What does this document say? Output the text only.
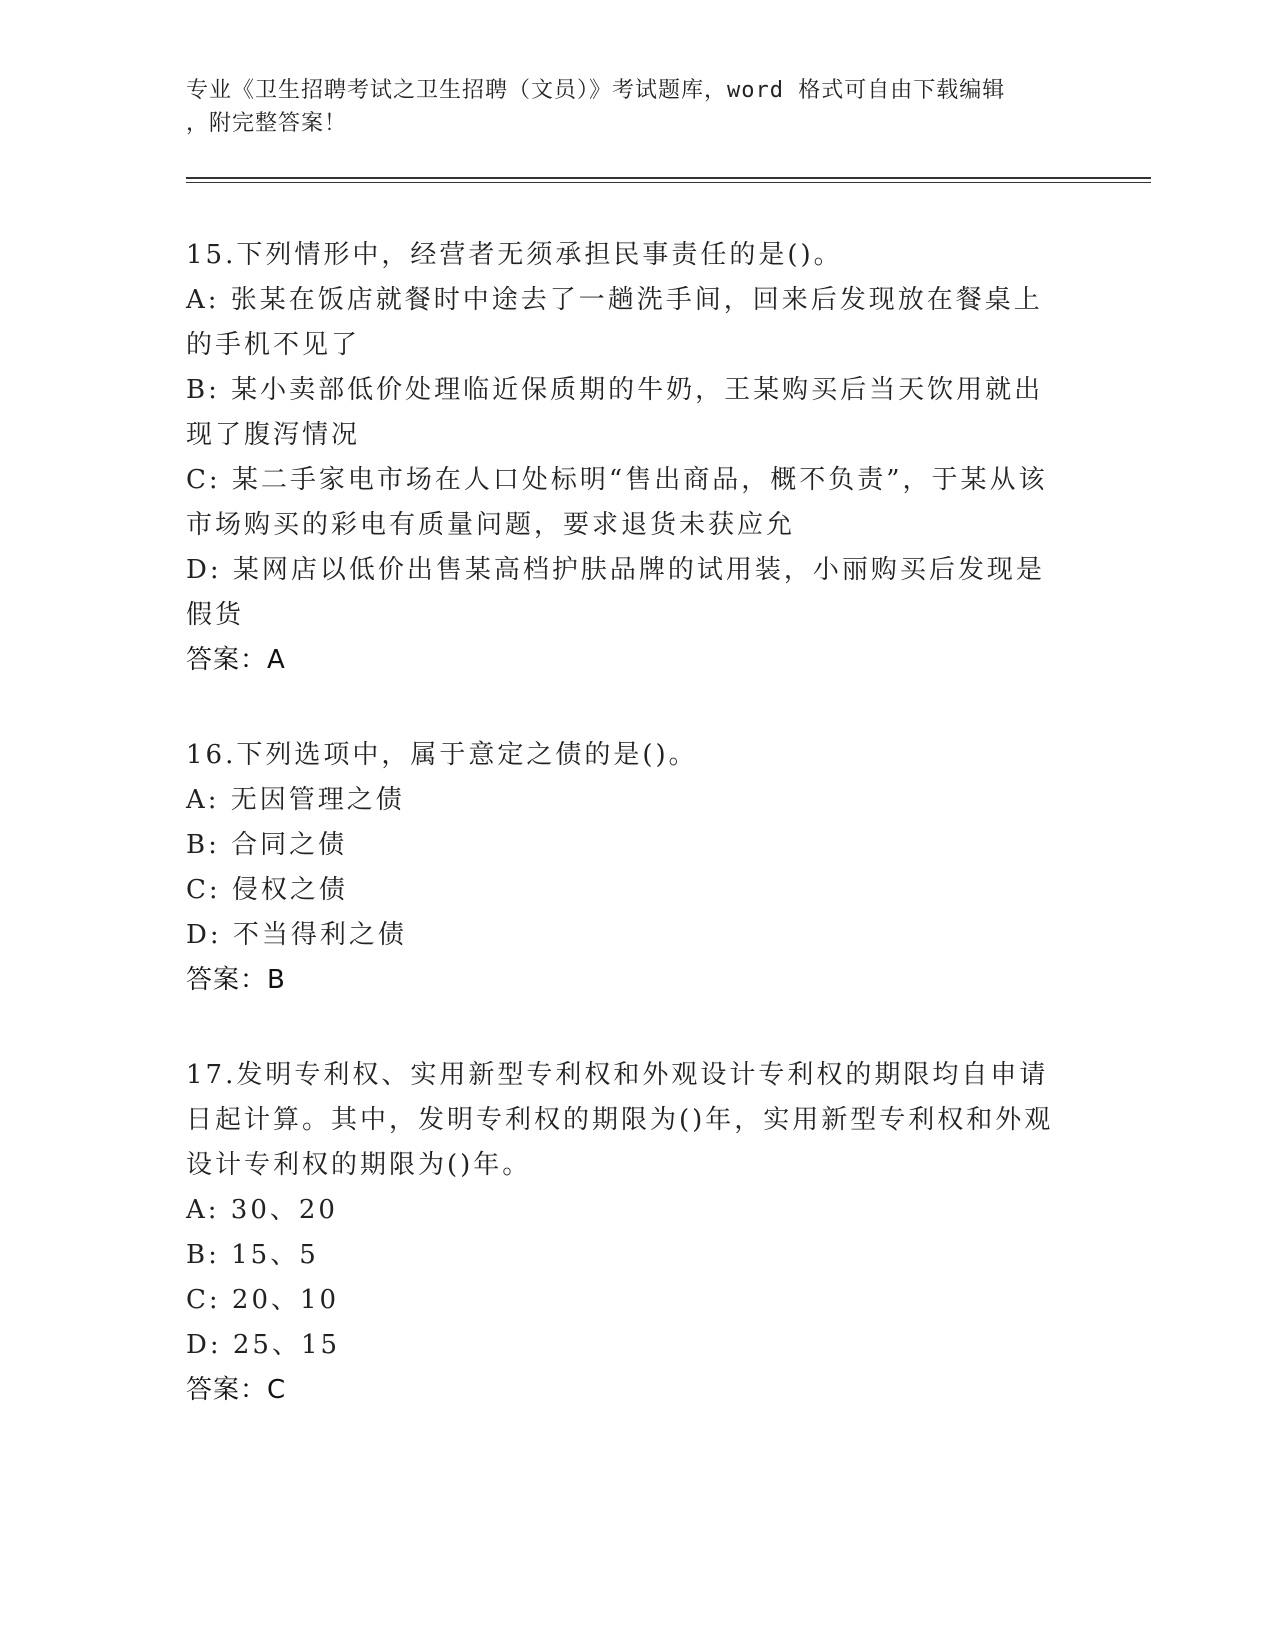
专业《卫生招聘考试之卫生招聘（文员）》考试题库，word 格式可自由下载编辑
，附完整答案！

15.下列情形中，经营者无须承担民事责任的是()。

A: 张某在饭店就餐时中途去了一趟洗手间，回来后发现放在餐桌上的手机不见了

B: 某小卖部低价处理临近保质期的牛奶，王某购买后当天饮用就出现了腹泻情况

C: 某二手家电市场在人口处标明“售出商品，概不负责”，于某从该市场购买的彩电有质量问题，要求退货未获应允

D: 某网店以低价出售某高档护肤品牌的试用装，小丽购买后发现是假货

答案：A

16.下列选项中，属于意定之债的是()。

A: 无因管理之债

B: 合同之债

C: 侵权之债

D: 不当得利之债

答案：B

17.发明专利权、实用新型专利权和外观设计专利权的期限均自申请日起计算。其中，发明专利权的期限为()年，实用新型专利权和外观设计专利权的期限为()年。

A: 30、20

B: 15、5

C: 20、10

D: 25、15

答案：C
